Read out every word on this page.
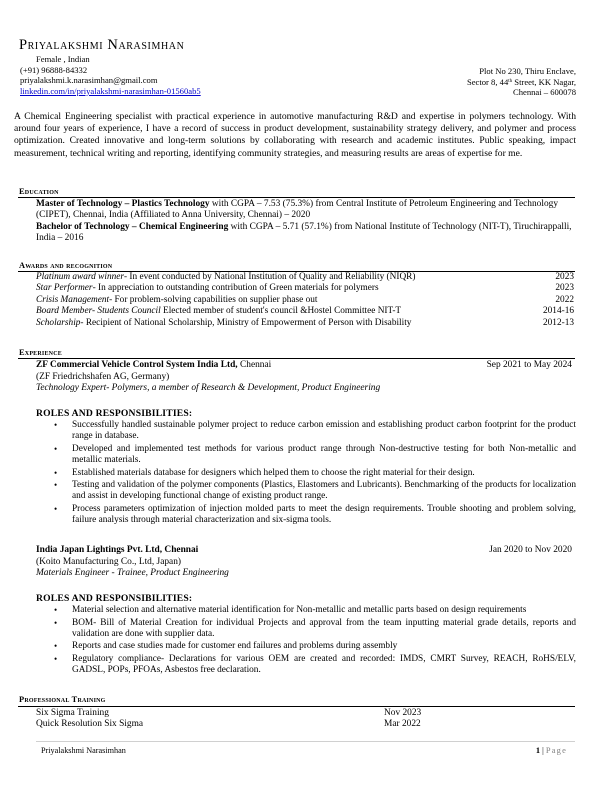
Priyalakshmi Narasimhan
Female , Indian
(+91) 96888-84332
priyalakshmi.k.narasimhan@gmail.com
linkedin.com/in/priyalakshmi-narasimhan-01560ab5
Plot No 230, Thiru Enclave,
Sector 8, 44th Street, KK Nagar,
Chennai – 600078
A Chemical Engineering specialist with practical experience in automotive manufacturing R&D and expertise in polymers technology. With around four years of experience, I have a record of success in product development, sustainability strategy delivery, and polymer and process optimization. Created innovative and long-term solutions by collaborating with research and academic institutes. Public speaking, impact measurement, technical writing and reporting, identifying community strategies, and measuring results are areas of expertise for me.
Education
Master of Technology – Plastics Technology with CGPA – 7.53 (75.3%) from Central Institute of Petroleum Engineering and Technology (CIPET), Chennai, India (Affiliated to Anna University, Chennai) – 2020
Bachelor of Technology – Chemical Engineering with CGPA – 5.71 (57.1%) from National Institute of Technology (NIT-T), Tiruchirappalli, India – 2016
Awards and recognition
Platinum award winner- In event conducted by National Institution of Quality and Reliability (NIQR)	2023
Star Performer- In appreciation to outstanding contribution of Green materials for polymers	2023
Crisis Management- For problem-solving capabilities on supplier phase out	2022
Board Member- Students Council Elected member of student's council &Hostel Committee NIT-T	2014-16
Scholarship- Recipient of National Scholarship, Ministry of Empowerment of Person with Disability	2012-13
Experience
ZF Commercial Vehicle Control System India Ltd, Chennai	Sep 2021 to May 2024
(ZF Friedrichshafen AG, Germany)
Technology Expert- Polymers, a member of Research & Development, Product Engineering
ROLES AND RESPONSIBILITIES:
• Successfully handled sustainable polymer project to reduce carbon emission and establishing product carbon footprint for the product range in database.
• Developed and implemented test methods for various product range through Non-destructive testing for both Non-metallic and metallic materials.
• Established materials database for designers which helped them to choose the right material for their design.
• Testing and validation of the polymer components (Plastics, Elastomers and Lubricants). Benchmarking of the products for localization and assist in developing functional change of existing product range.
• Process parameters optimization of injection molded parts to meet the design requirements. Trouble shooting and problem solving, failure analysis through material characterization and six-sigma tools.
India Japan Lightings Pvt. Ltd, Chennai	Jan 2020 to Nov 2020
(Koito Manufacturing Co., Ltd, Japan)
Materials Engineer - Trainee, Product Engineering
ROLES AND RESPONSIBILITIES:
• Material selection and alternative material identification for Non-metallic and metallic parts based on design requirements
• BOM- Bill of Material Creation for individual Projects and approval from the team inputting material grade details, reports and validation are done with supplier data.
• Reports and case studies made for customer end failures and problems during assembly
• Regulatory compliance- Declarations for various OEM are created and recorded: IMDS, CMRT Survey, REACH, RoHS/ELV, GADSL, POPs, PFOAs, Asbestos free declaration.
Professional Training
Six Sigma Training	Nov 2023
Quick Resolution Six Sigma	Mar 2022
Priyalakshmi Narasimhan	1 | Page
